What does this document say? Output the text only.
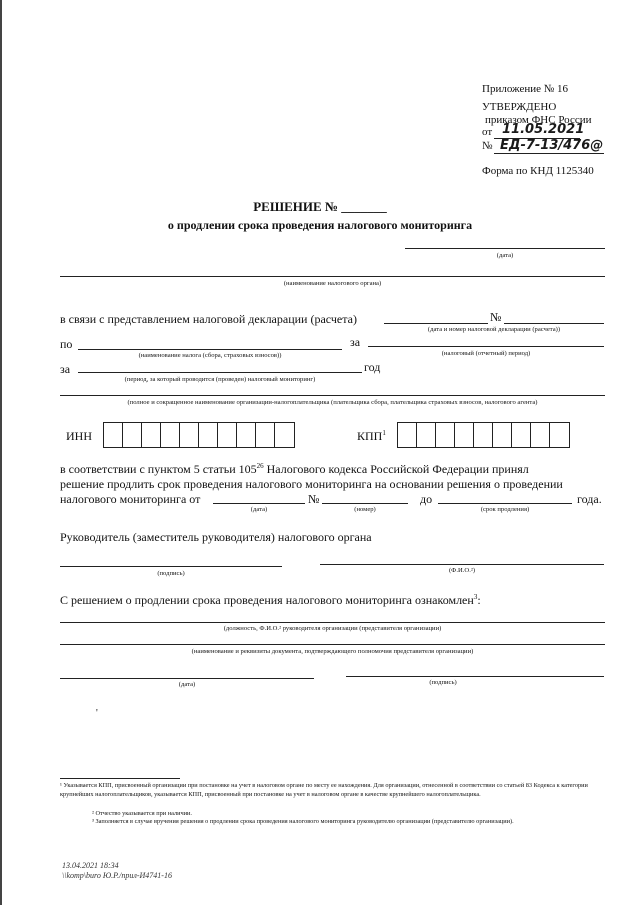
Приложение № 16
УТВЕРЖДЕНО
приказом ФНС России
от 11.05.2021
№ ЕД-7-13/476@
Форма по КНД 1125340
РЕШЕНИЕ № _______
о продлении срока проведения налогового мониторинга
(дата)
(наименование налогового органа)
в связи с представлением налоговой декларации (расчета)	№
(дата и номер налоговой декларации (расчета))
по
(наименование налога (сбора, страховых взносов))
за
(налоговый (отчетный) период)
за	год
(период, за который проводится (проведен) налоговый мониторинг)
(полное и сокращенное наименование организации-налогоплательщика (плательщика сбора, плательщика страховых взносов, налогового агента)
ИНН	КПП$^1$
в соответствии с пунктом 5 статьи $105^{26}$ Налогового кодекса Российской Федерации принял
решение продлить срок проведения налогового мониторинга на основании решения о проведении
налогового мониторинга от	№	до	года.
(дата)	(номер)	(срок продления)
Руководитель (заместитель руководителя) налогового органа
(подпись)	(Ф.И.О.²)
С решением о продлении срока проведения налогового мониторинга ознакомлен$^3$:
(должность, Ф.И.О.² руководителя организации (представителя организации)
(наименование и реквизиты документа, подтверждающего полномочия представителя организации)
(дата)	(подпись)
'
¹ Указывается КПП, присвоенный организации при постановке на учет в налоговом органе по месту ее нахождения. Для организации, отнесенной в соответствии со статьей 83 Кодекса к категории крупнейших налогоплательщиков, указывается КПП, присвоенный при постановке на учет в налоговом органе в качестве крупнейшего налогоплательщика.
² Отчество указывается при наличии.
³ Заполняется в случае вручения решения о продлении срока проведения налогового мониторинга руководителю организации (представителю организации).
13.04.2021 18:34
\\komp\buro Ю.Р./прил-И4741-16
